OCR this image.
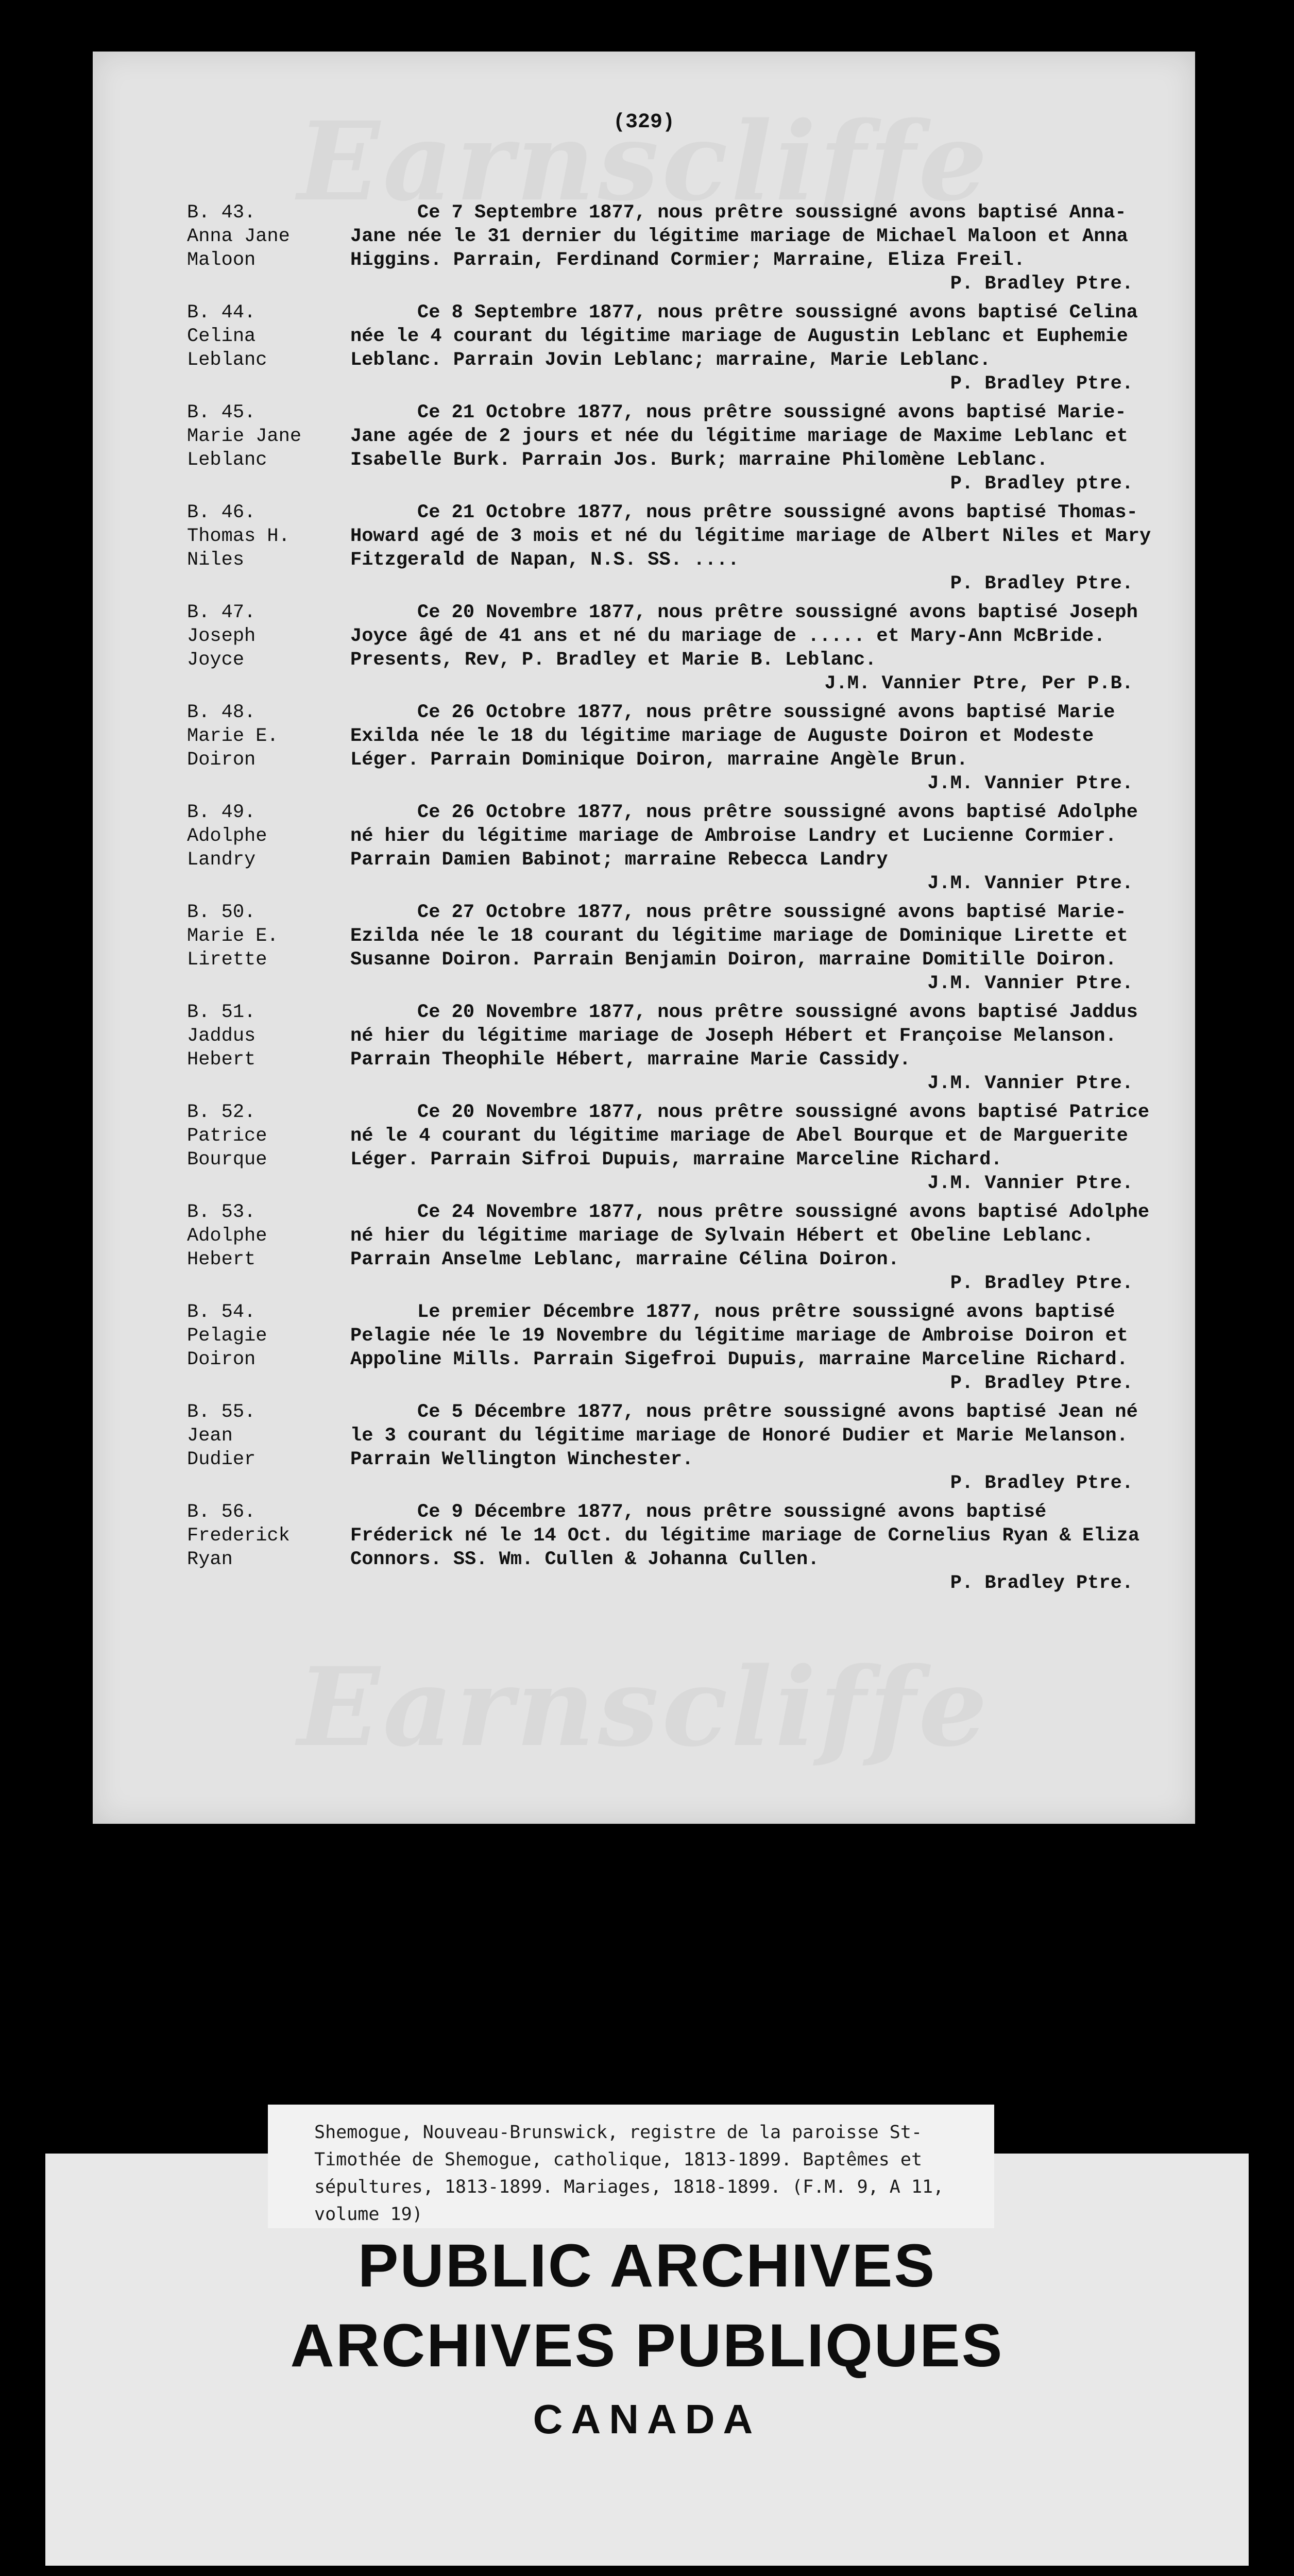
(329)
B. 43.
Anna Jane
Maloon
Ce 7 Septembre 1877, nous prêtre soussigné avons baptisé Anna-Jane née le 31 dernier du légitime mariage de Michael Maloon et Anna Higgins. Parrain, Ferdinand Cormier; Marraine, Eliza Freil.
P. Bradley Ptre.
B. 44.
Celina
Leblanc
Ce 8 Septembre 1877, nous prêtre soussigné avons baptisé Celina née le 4 courant du légitime mariage de Augustin Leblanc et Euphemie Leblanc. Parrain Jovin Leblanc; marraine, Marie Leblanc.
P. Bradley Ptre.
B. 45.
Marie Jane
Leblanc
Ce 21 Octobre 1877, nous prêtre soussigné avons baptisé Marie-Jane agée de 2 jours et née du légitime mariage de Maxime Leblanc et Isabelle Burk. Parrain Jos. Burk; marraine Philomène Leblanc.
P. Bradley ptre.
B. 46.
Thomas H.
Niles
Ce 21 Octobre 1877, nous prêtre soussigné avons baptisé Thomas-Howard agé de 3 mois et né du légitime mariage de Albert Niles et Mary Fitzgerald de Napan, N.S. SS. ....
P. Bradley Ptre.
B. 47.
Joseph
Joyce
Ce 20 Novembre 1877, nous prêtre soussigné avons baptisé Joseph Joyce âgé de 41 ans et né du mariage de ..... et Mary-Ann McBride. Presents, Rev, P. Bradley et Marie B. Leblanc.
J.M. Vannier Ptre, Per P.B.
B. 48.
Marie E.
Doiron
Ce 26 Octobre 1877, nous prêtre soussigné avons baptisé Marie Exilda née le 18 du légitime mariage de Auguste Doiron et Modeste Léger. Parrain Dominique Doiron, marraine Angèle Brun.
J.M. Vannier Ptre.
B. 49.
Adolphe
Landry
Ce 26 Octobre 1877, nous prêtre soussigné avons baptisé Adolphe né hier du légitime mariage de Ambroise Landry et Lucienne Cormier. Parrain Damien Babinot; marraine Rebecca Landry
J.M. Vannier Ptre.
B. 50.
Marie E.
Lirette
Ce 27 Octobre 1877, nous prêtre soussigné avons baptisé Marie- Ezilda née le 18 courant du légitime mariage de Dominique Lirette et Susanne Doiron. Parrain Benjamin Doiron, marraine Domitille Doiron.
J.M. Vannier Ptre.
B. 51.
Jaddus
Hebert
Ce 20 Novembre 1877, nous prêtre soussigné avons baptisé Jaddus né hier du légitime mariage de Joseph Hébert et Françoise Melanson. Parrain Theophile Hébert, marraine Marie Cassidy.
J.M. Vannier Ptre.
B. 52.
Patrice
Bourque
Ce 20 Novembre 1877, nous prêtre soussigné avons baptisé Patrice né le 4 courant du légitime mariage de Abel Bourque et de Marguerite Léger. Parrain Sifroi Dupuis, marraine Marceline Richard.
J.M. Vannier Ptre.
B. 53.
Adolphe
Hebert
Ce 24 Novembre 1877, nous prêtre soussigné avons baptisé Adolphe né hier du légitime mariage de Sylvain Hébert et Obeline Leblanc. Parrain Anselme Leblanc, marraine Célina Doiron.
P. Bradley Ptre.
B. 54.
Pelagie
Doiron
Le premier Décembre 1877, nous prêtre soussigné avons baptisé Pelagie née le 19 Novembre du légitime mariage de Ambroise Doiron et Appoline Mills. Parrain Sigefroi Dupuis, marraine Marceline Richard.
P. Bradley Ptre.
B. 55.
Jean
Dudier
Ce 5 Décembre 1877, nous prêtre soussigné avons baptisé Jean né le 3 courant du légitime mariage de Honoré Dudier et Marie Melanson. Parrain Wellington Winchester.
P. Bradley Ptre.
B. 56.
Frederick
Ryan
Ce 9 Décembre 1877, nous prêtre soussigné avons baptisé Fréderick né le 14 Oct. du légitime mariage de Cornelius Ryan & Eliza Connors. SS. Wm. Cullen & Johanna Cullen.
P. Bradley Ptre.
Shemogue, Nouveau-Brunswick, registre de la paroisse St-Timothée de Shemogue, catholique, 1813-1899. Baptêmes et sépultures, 1813-1899. Mariages, 1818-1899. (F.M. 9, A 11, volume 19)
PUBLIC ARCHIVES
ARCHIVES PUBLIQUES
CANADA
